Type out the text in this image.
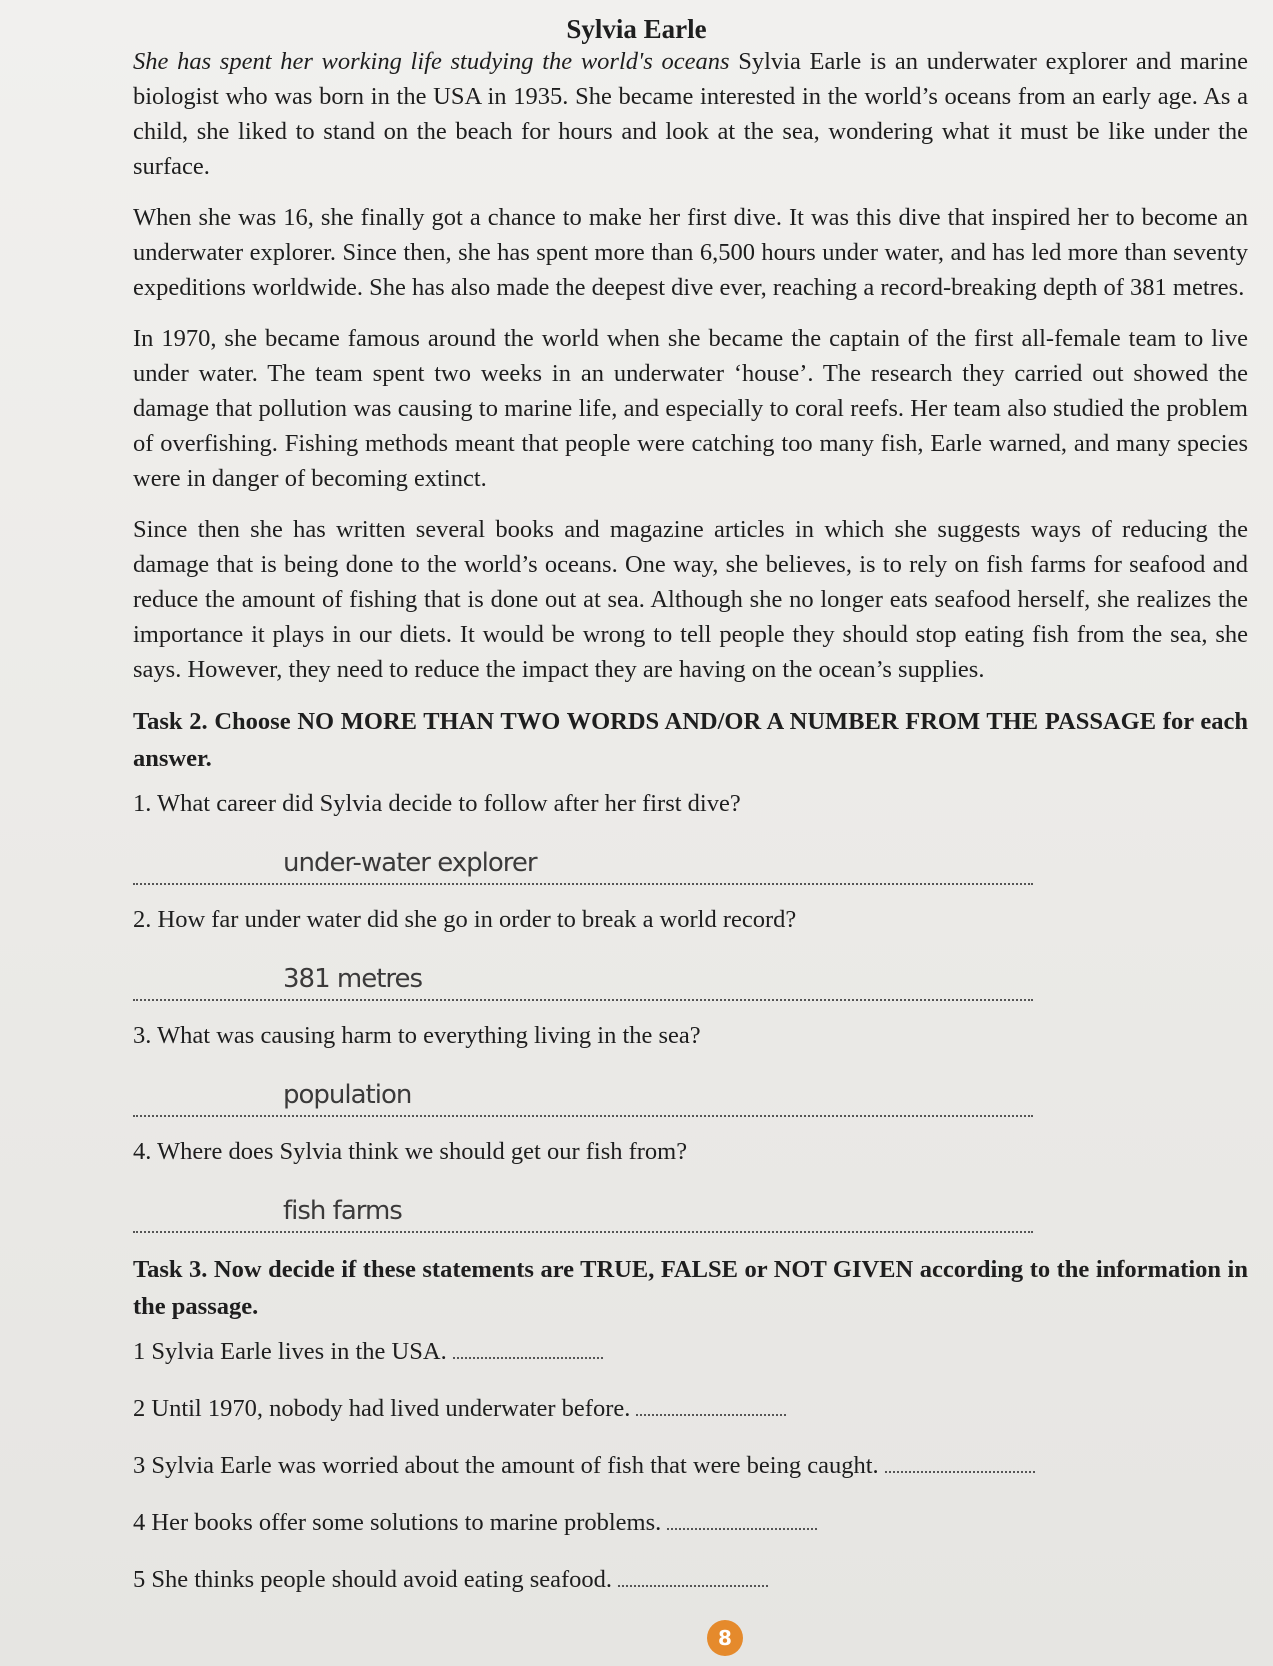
Sylvia Earle

She has spent her working life studying the world's oceans Sylvia Earle is an underwater explorer and marine biologist who was born in the USA in 1935. She became interested in the world’s oceans from an early age. As a child, she liked to stand on the beach for hours and look at the sea, wondering what it must be like under the surface.

When she was 16, she finally got a chance to make her first dive. It was this dive that inspired her to become an underwater explorer. Since then, she has spent more than 6,500 hours under water, and has led more than seventy expeditions worldwide. She has also made the deepest dive ever, reaching a record-breaking depth of 381 metres.

In 1970, she became famous around the world when she became the captain of the first all-female team to live under water. The team spent two weeks in an underwater ‘house’. The research they carried out showed the damage that pollution was causing to marine life, and especially to coral reefs. Her team also studied the problem of overfishing. Fishing methods meant that people were catching too many fish, Earle warned, and many species were in danger of becoming extinct.

Since then she has written several books and magazine articles in which she suggests ways of reducing the damage that is being done to the world’s oceans. One way, she believes, is to rely on fish farms for seafood and reduce the amount of fishing that is done out at sea. Although she no longer eats seafood herself, she realizes the importance it plays in our diets. It would be wrong to tell people they should stop eating fish from the sea, she says. However, they need to reduce the impact they are having on the ocean’s supplies.

Task 2. Choose NO MORE THAN TWO WORDS AND/OR A NUMBER FROM THE PASSAGE for each answer.

1. What career did Sylvia decide to follow after her first dive?

under-water explorer

2. How far under water did she go in order to break a world record?

381 metres

3. What was causing harm to everything living in the sea?

population

4. Where does Sylvia think we should get our fish from?

fish farms
Task 3. Now decide if these statements are TRUE, FALSE or NOT GIVEN according to the information in the passage.
1 Sylvia Earle lives in the USA.
2 Until 1970, nobody had lived underwater before.
3 Sylvia Earle was worried about the amount of fish that were being caught.
4 Her books offer some solutions to marine problems.
5 She thinks people should avoid eating seafood.
8
